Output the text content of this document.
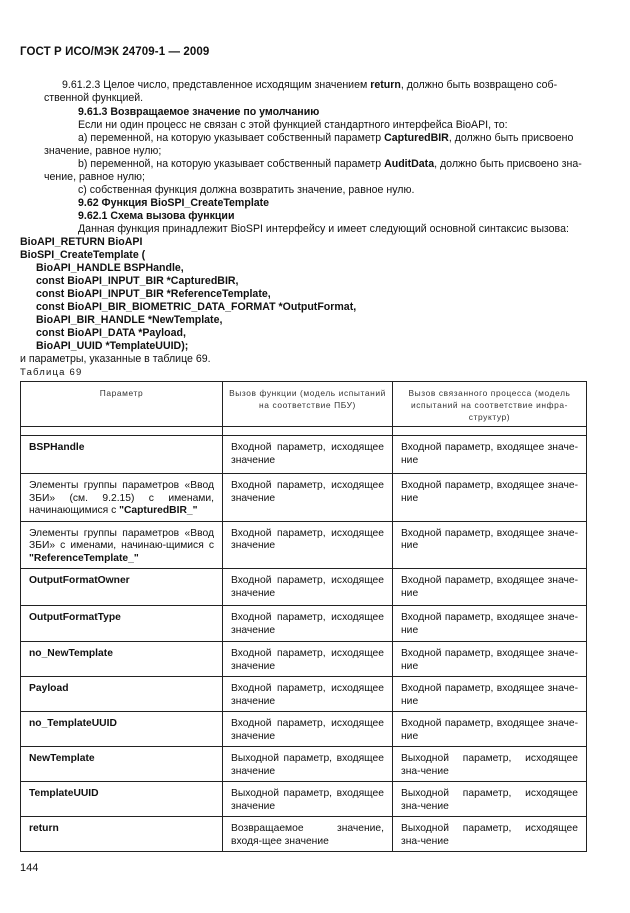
ГОСТ Р ИСО/МЭК 24709-1 — 2009
9.61.2.3 Целое число, представленное исходящим значением return, должно быть возвращено соб-
ственной функцией.
9.61.3 Возвращаемое значение по умолчанию
Если ни один процесс не связан с этой функцией стандартного интерфейса BioAPI, то:
а) переменной, на которую указывает собственный параметр CapturedBIR, должно быть присвоено
значение, равное нулю;
b) переменной, на которую указывает собственный параметр AuditData, должно быть присвоено зна-
чение, равное нулю;
с) собственная функция должна возвратить значение, равное нулю.
9.62 Функция BioSPI_CreateTemplate
9.62.1 Схема вызова функции
Данная функция принадлежит BioSPI интерфейсу и имеет следующий основной синтаксис вызова:
BioAPI_RETURN BioAPI
BioSPI_CreateTemplate (
BioAPI_HANDLE BSPHandle,
const BioAPI_INPUT_BIR *CapturedBIR,
const BioAPI_INPUT_BIR *ReferenceTemplate,
const BioAPI_BIR_BIOMETRIC_DATA_FORMAT *OutputFormat,
BioAPI_BIR_HANDLE *NewTemplate,
const BioAPI_DATA *Payload,
BioAPI_UUID *TemplateUUID);
и параметры, указанные в таблице 69.
Таблица 69
Параметр	Вызов функции (модель испытаний на соответствие ПБУ)	Вызов связанного процесса (модель испытаний на соответствие инфра-структур)

BSPHandle	Входной параметр, исходящее значение	Входной параметр, входящее значе-ние
Элементы группы параметров «Ввод ЗБИ» (см. 9.2.15) с именами, начинающимися с "CapturedBIR_"	Входной параметр, исходящее значение	Входной параметр, входящее значе-ние
Элементы группы параметров «Ввод ЗБИ» с именами, начинаю-щимися с "ReferenceTemplate_"	Входной параметр, исходящее значение	Входной параметр, входящее значе-ние
OutputFormatOwner	Входной параметр, исходящее значение	Входной параметр, входящее значе-ние
OutputFormatType	Входной параметр, исходящее значение	Входной параметр, входящее значе-ние
no_NewTemplate	Входной параметр, исходящее значение	Входной параметр, входящее значе-ние
Payload	Входной параметр, исходящее значение	Входной параметр, входящее значе-ние
no_TemplateUUID	Входной параметр, исходящее значение	Входной параметр, входящее значе-ние
NewTemplate	Выходной параметр, входящее значение	Выходной параметр, исходящее зна-чение
TemplateUUID	Выходной параметр, входящее значение	Выходной параметр, исходящее зна-чение
return	Возвращаемое значение, входя-щее значение	Выходной параметр, исходящее зна-чение
144
